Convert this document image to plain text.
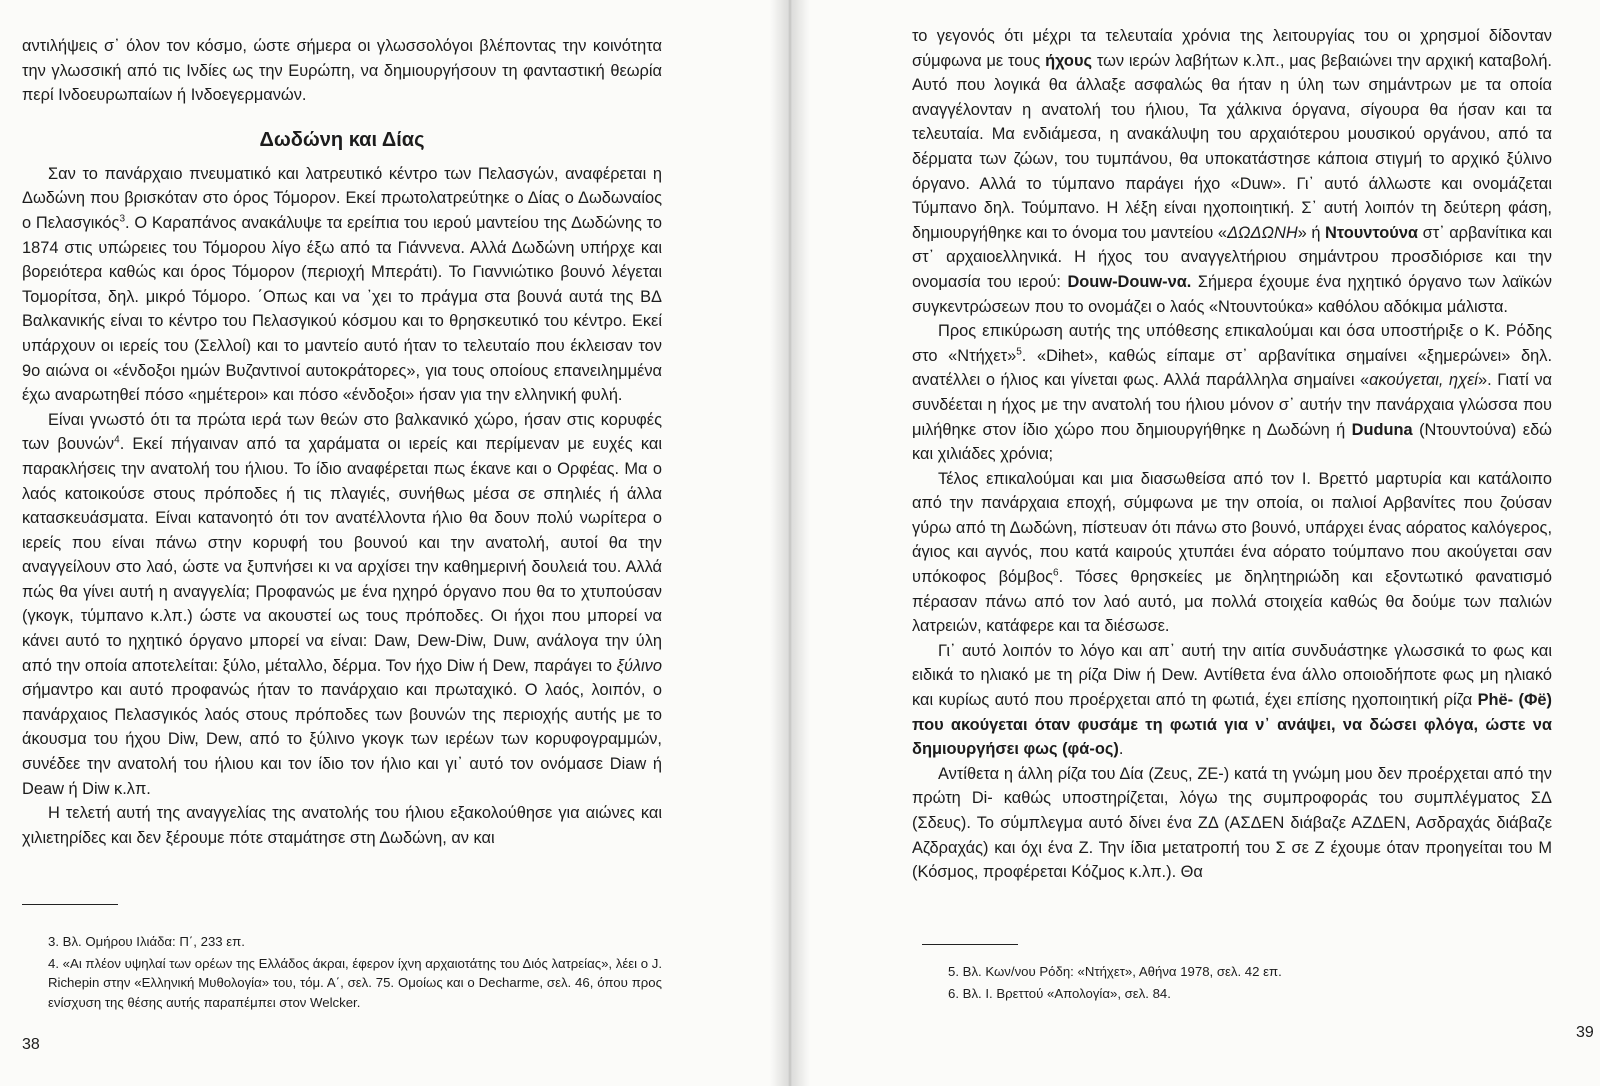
αντιλήψεις σ᾽ όλον τον κόσμο, ώστε σήμερα οι γλωσσολόγοι βλέποντας την κοινότητα την γλωσσική από τις Ινδίες ως την Ευρώπη, να δημιουργήσουν τη φανταστική θεωρία περί Ινδοευρωπαίων ή Ινδοεγερμανών.

Δωδώνη και Δίας

Σαν το πανάρχαιο πνευματικό και λατρευτικό κέντρο των Πελασγών, αναφέρεται η Δωδώνη που βρισκόταν στο όρος Τόμορον. Εκεί πρωτολατρεύτηκε ο Δίας ο Δωδωναίος ο Πελασγικός$^3$. Ο Καραπάνος ανακάλυψε τα ερείπια του ιερού μαντείου της Δωδώνης το 1874 στις υπώρειες του Τόμορου λίγο έξω από τα Γιάννενα. Αλλά Δωδώνη υπήρχε και βορειότερα καθώς και όρος Τόμορον (περιοχή Μπεράτι). Το Γιαννιώτικο βουνό λέγεται Τομορίτσα, δηλ. μικρό Τόμορο. ΄Οπως και να ᾽χει το πράγμα στα βουνά αυτά της ΒΔ Βαλκανικής είναι το κέντρο του Πελασγικού κόσμου και το θρησκευτικό του κέντρο. Εκεί υπάρχουν οι ιερείς του (Σελλοί) και το μαντείο αυτό ήταν το τελευταίο που έκλεισαν τον 9ο αιώνα οι «ένδοξοι ημών Βυζαντινοί αυτοκράτορες», για τους οποίους επανειλημμένα έχω αναρωτηθεί πόσο «ημέτεροι» και πόσο «ένδοξοι» ήσαν για την ελληνική φυλή.

Είναι γνωστό ότι τα πρώτα ιερά των θεών στο βαλκανικό χώρο, ήσαν στις κορυφές των βουνών$^4$. Εκεί πήγαιναν από τα χαράματα οι ιερείς και περίμεναν με ευχές και παρακλήσεις την ανατολή του ήλιου. Το ίδιο αναφέρεται πως έκανε και ο Ορφέας. Μα ο λαός κατοικούσε στους πρόποδες ή τις πλαγιές, συνήθως μέσα σε σπηλιές ή άλλα κατασκευάσματα. Είναι κατανοητό ότι τον ανατέλλοντα ήλιο θα δουν πολύ νωρίτερα ο ιερείς που είναι πάνω στην κορυφή του βουνού και την ανατολή, αυτοί θα την αναγγείλουν στο λαό, ώστε να ξυπνήσει κι να αρχίσει την καθημερινή δουλειά του. Αλλά πώς θα γίνει αυτή η αναγγελία; Προφανώς με ένα ηχηρό όργανο που θα το χτυπούσαν (γκογκ, τύμπανο κ.λπ.) ώστε να ακουστεί ως τους πρόποδες. Οι ήχοι που μπορεί να κάνει αυτό το ηχητικό όργανο μπορεί να είναι: Daw, Dew-Diw, Duw, ανάλογα την ύλη από την οποία αποτελείται: ξύλο, μέταλλο, δέρμα. Τον ήχο Diw ή Dew, παράγει το ξύλινο σήμαντρο και αυτό προφανώς ήταν το πανάρχαιο και πρωταχικό. Ο λαός, λοιπόν, ο πανάρχαιος Πελασγικός λαός στους πρόποδες των βουνών της περιοχής αυτής με το άκουσμα του ήχου Diw, Dew, από το ξύλινο γκογκ των ιερέων των κορυφογραμμών, συνέδεε την ανατολή του ήλιου και τον ίδιο τον ήλιο και γι᾽ αυτό τον ονόμασε Diaw ή Deaw ή Diw κ.λπ.

Η τελετή αυτή της αναγγελίας της ανατολής του ήλιου εξακολούθησε για αιώνες και χιλιετηρίδες και δεν ξέρουμε πότε σταμάτησε στη Δωδώνη, αν και

3. Βλ. Ομήρου Ιλιάδα: Π΄, 233 επ.

4. «Αι πλέον υψηλαί των ορέων της Ελλάδος άκραι, έφερον ίχνη αρχαιοτάτης του Διός λατρείας», λέει ο J. Richepin στην «Ελληνική Μυθολογία» του, τόμ. Α΄, σελ. 75. Ομοίως και ο Decharme, σελ. 46, όπου προς ενίσχυση της θέσης αυτής παραπέμπει στον Welcker.

38

το γεγονός ότι μέχρι τα τελευταία χρόνια της λειτουργίας του οι χρησμοί δίδονταν σύμφωνα με τους ήχους των ιερών λαβήτων κ.λπ., μας βεβαιώνει την αρχική καταβολή. Αυτό που λογικά θα άλλαξε ασφαλώς θα ήταν η ύλη των σημάντρων με τα οποία αναγγέλονταν η ανατολή του ήλιου, Τα χάλκινα όργανα, σίγουρα θα ήσαν και τα τελευταία. Μα ενδιάμεσα, η ανακάλυψη του αρχαιότερου μουσικού οργάνου, από τα δέρματα των ζώων, του τυμπάνου, θα υποκατάστησε κάποια στιγμή το αρχικό ξύλινο όργανο. Αλλά το τύμπανο παράγει ήχο «Duw». Γι᾽ αυτό άλλωστε και ονομάζεται Τύμπανο δηλ. Τούμπανο. Η λέξη είναι ηχοποιητική. Σ᾽ αυτή λοιπόν τη δεύτερη φάση, δημιουργήθηκε και το όνομα του μαντείου «ΔΩΔΩΝΗ» ή Ντουντούνα στ᾽ αρβανίτικα και στ᾽ αρχαιοελληνικά. Η ήχος του αναγγελτήριου σημάντρου προσδιόρισε και την ονομασία του ιερού: Douw-Douw-να. Σήμερα έχουμε ένα ηχητικό όργανο των λαϊκών συγκεντρώσεων που το ονομάζει ο λαός «Ντουντούκα» καθόλου αδόκιμα μάλιστα.

Προς επικύρωση αυτής της υπόθεσης επικαλούμαι και όσα υποστήριξε ο Κ. Ρόδης στο «Ντήχετ»$^5$. «Dihet», καθώς είπαμε στ᾽ αρβανίτικα σημαίνει «ξημερώνει» δηλ. ανατέλλει ο ήλιος και γίνεται φως. Αλλά παράλληλα σημαίνει «ακούγεται, ηχεί». Γιατί να συνδέεται η ήχος με την ανατολή του ήλιου μόνον σ᾽ αυτήν την πανάρχαια γλώσσα που μιλήθηκε στον ίδιο χώρο που δημιουργήθηκε η Δωδώνη ή Duduna (Ντουντούνα) εδώ και χιλιάδες χρόνια;

Τέλος επικαλούμαι και μια διασωθείσα από τον Ι. Βρεττό μαρτυρία και κατάλοιπο από την πανάρχαια εποχή, σύμφωνα με την οποία, οι παλιοί Αρβανίτες που ζούσαν γύρω από τη Δωδώνη, πίστευαν ότι πάνω στο βουνό, υπάρχει ένας αόρατος καλόγερος, άγιος και αγνός, που κατά καιρούς χτυπάει ένα αόρατο τούμπανο που ακούγεται σαν υπόκοφος βόμβος$^6$. Τόσες θρησκείες με δηλητηριώδη και εξοντωτικό φανατισμό πέρασαν πάνω από τον λαό αυτό, μα πολλά στοιχεία καθώς θα δούμε των παλιών λατρειών, κατάφερε και τα διέσωσε.

Γι᾽ αυτό λοιπόν το λόγο και απ᾽ αυτή την αιτία συνδυάστηκε γλωσσικά το φως και ειδικά το ηλιακό με τη ρίζα Diw ή Dew. Αντίθετα ένα άλλο οποιοδήποτε φως μη ηλιακό και κυρίως αυτό που προέρχεται από τη φωτιά, έχει επίσης ηχοποιητική ρίζα Phë- (Φë) που ακούγεται όταν φυσάμε τη φωτιά για ν᾽ ανάψει, να δώσει φλόγα, ώστε να δημιουργήσει φως (φά-ος).

Αντίθετα η άλλη ρίζα του Δία (Ζευς, ΖΕ-) κατά τη γνώμη μου δεν προέρχεται από την πρώτη Di- καθώς υποστηρίζεται, λόγω της συμπροφοράς του συμπλέγματος ΣΔ (Σδευς). Το σύμπλεγμα αυτό δίνει ένα ΖΔ (ΑΣΔΕΝ διάβαζε ΑΖΔΕΝ, Ασδραχάς διάβαζε Αζδραχάς) και όχι ένα Ζ. Την ίδια μετατροπή του Σ σε Ζ έχουμε όταν προηγείται του Μ (Κόσμος, προφέρεται Κόζμος κ.λπ.). Θα

5. Βλ. Κων/νου Ρόδη: «Ντήχετ», Αθήνα 1978, σελ. 42 επ.

6. Βλ. Ι. Βρεττού «Απολογία», σελ. 84.

39
